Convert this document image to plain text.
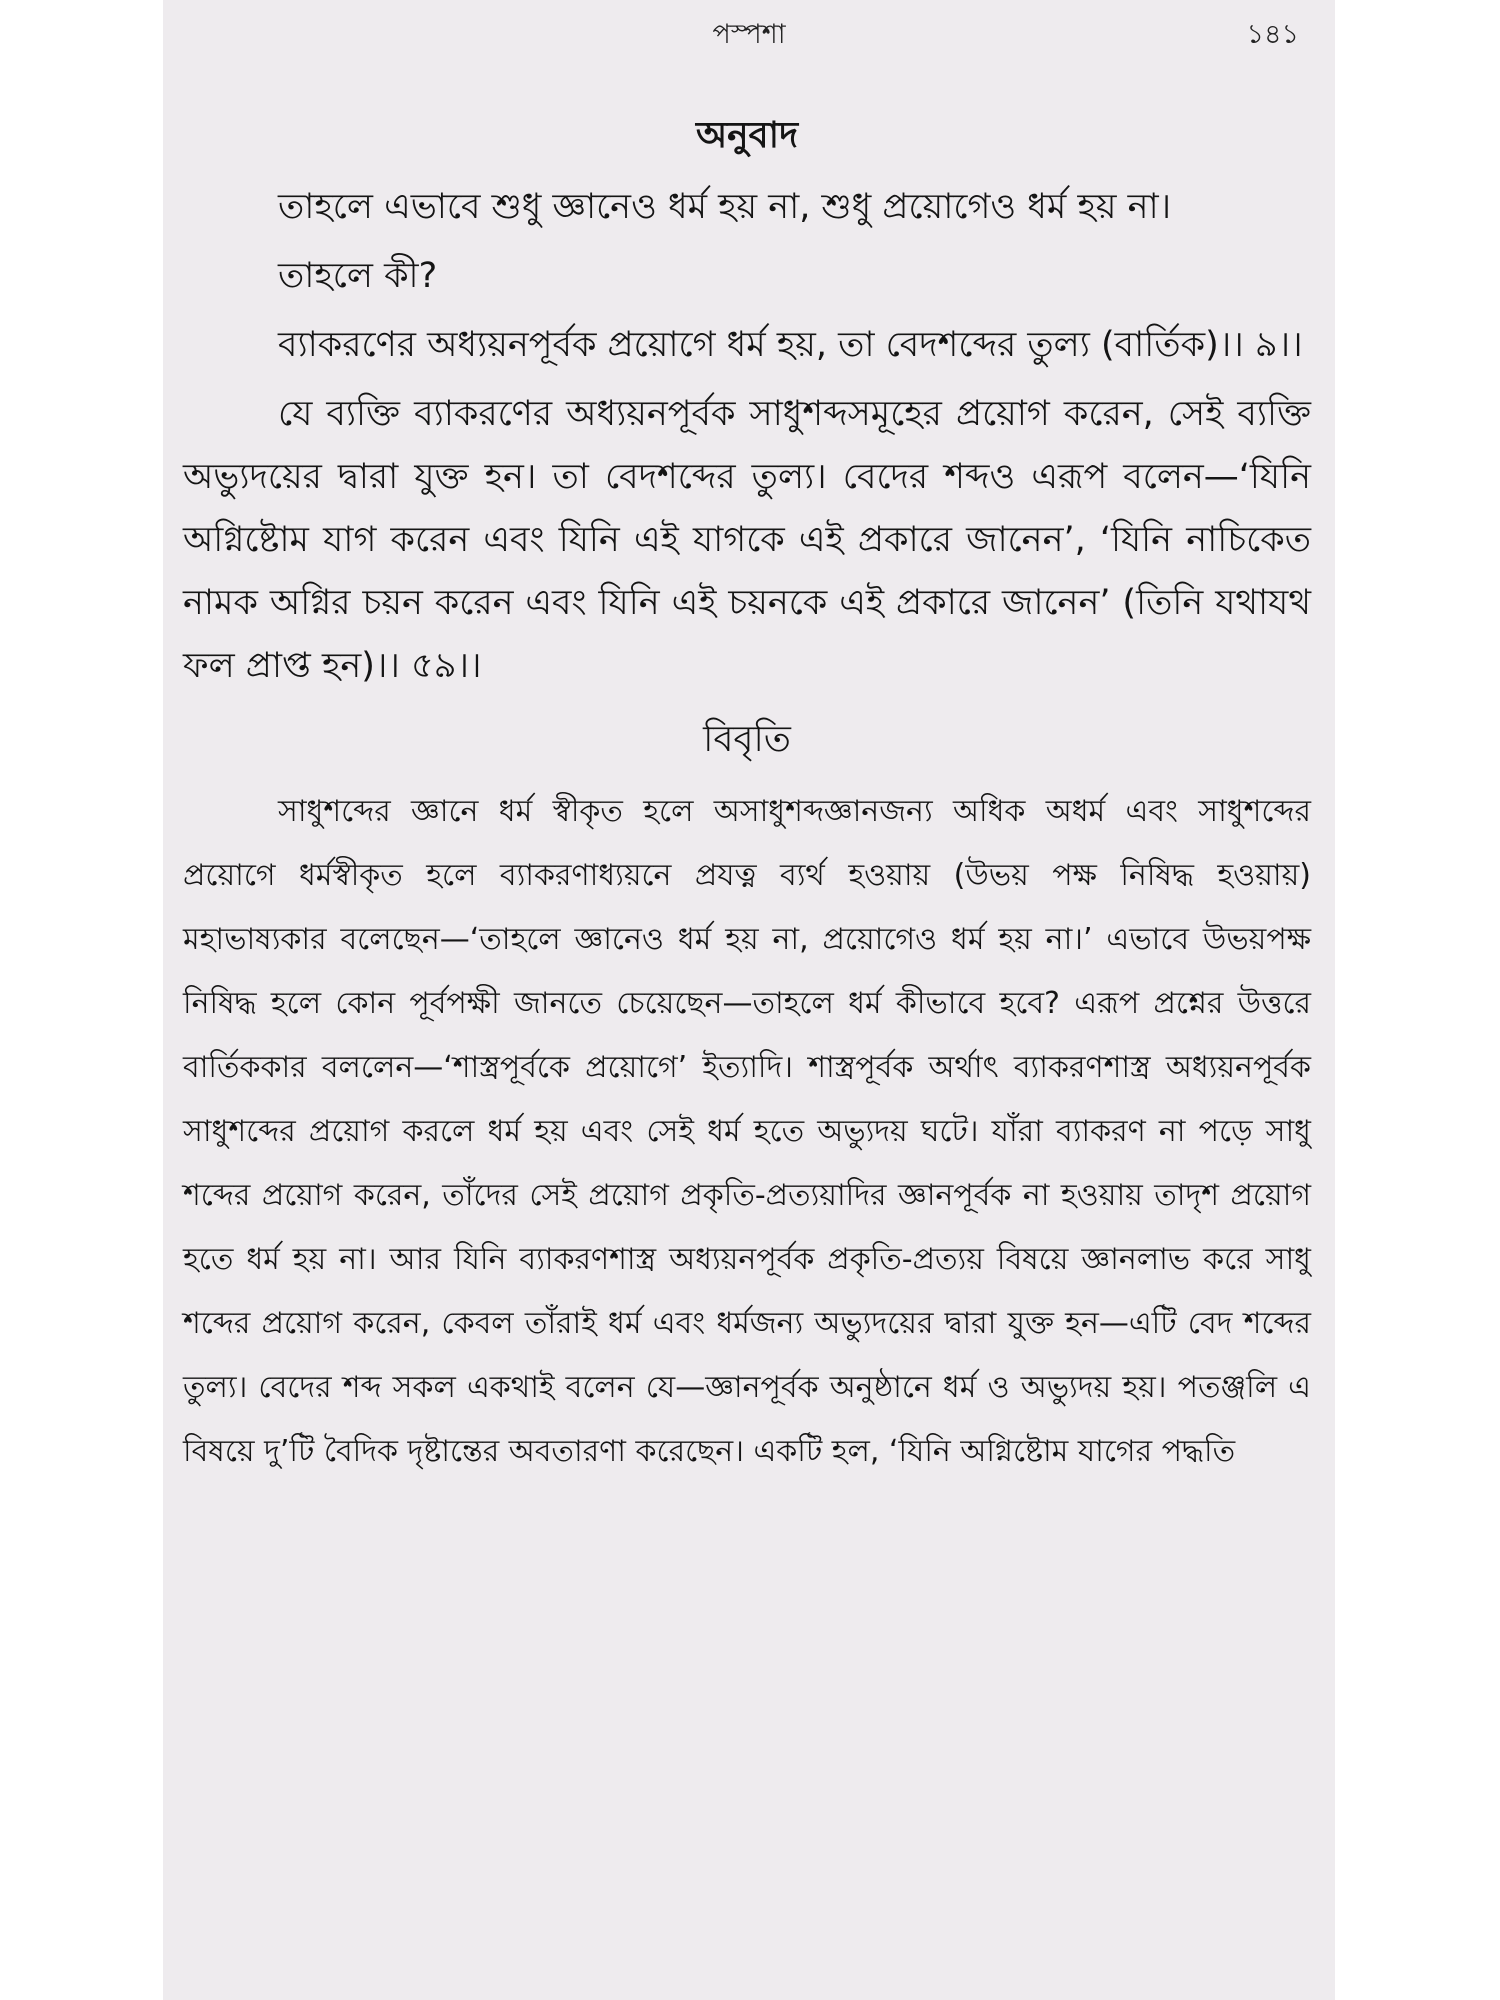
পস্পশা	১৪১
অনুবাদ

তাহলে এভাবে শুধু জ্ঞানেও ধর্ম হয় না, শুধু প্রয়োগেও ধর্ম হয় না।

তাহলে কী?

ব্যাকরণের অধ্যয়নপূর্বক প্রয়োগে ধর্ম হয়, তা বেদশব্দের তুল্য (বার্তিক)।। ৯।।

যে ব্যক্তি ব্যাকরণের অধ্যয়নপূর্বক সাধুশব্দসমূহের প্রয়োগ করেন, সেই ব্যক্তি অভ্যুদয়ের দ্বারা যুক্ত হন। তা বেদশব্দের তুল্য। বেদের শব্দও এরূপ বলেন—‘যিনি অগ্নিষ্টোম যাগ করেন এবং যিনি এই যাগকে এই প্রকারে জানেন’, ‘যিনি নাচিকেত নামক অগ্নির চয়ন করেন এবং যিনি এই চয়নকে এই প্রকারে জানেন’ (তিনি যথাযথ ফল প্রাপ্ত হন)।। ৫৯।।

বিবৃতি

সাধুশব্দের জ্ঞানে ধর্ম স্বীকৃত হলে অসাধুশব্দজ্ঞানজন্য অধিক অধর্ম এবং সাধুশব্দের প্রয়োগে ধর্মস্বীকৃত হলে ব্যাকরণাধ্যয়নে প্রযত্ন ব্যর্থ হওয়ায় (উভয় পক্ষ নিষিদ্ধ হওয়ায়) মহাভাষ্যকার বলেছেন—‘তাহলে জ্ঞানেও ধর্ম হয় না, প্রয়োগেও ধর্ম হয় না।’ এভাবে উভয়পক্ষ নিষিদ্ধ হলে কোন পূর্বপক্ষী জানতে চেয়েছেন—তাহলে ধর্ম কীভাবে হবে? এরূপ প্রশ্নের উত্তরে বার্তিককার বললেন—‘শাস্ত্রপূর্বকে প্রয়োগে’ ইত্যাদি। শাস্ত্রপূর্বক অর্থাৎ ব্যাকরণশাস্ত্র অধ্যয়নপূর্বক সাধুশব্দের প্রয়োগ করলে ধর্ম হয় এবং সেই ধর্ম হতে অভ্যুদয় ঘটে। যাঁরা ব্যাকরণ না পড়ে সাধু শব্দের প্রয়োগ করেন, তাঁদের সেই প্রয়োগ প্রকৃতি-প্রত্যয়াদির জ্ঞানপূর্বক না হওয়ায় তাদৃশ প্রয়োগ হতে ধর্ম হয় না। আর যিনি ব্যাকরণশাস্ত্র অধ্যয়নপূর্বক প্রকৃতি-প্রত্যয় বিষয়ে জ্ঞানলাভ করে সাধু শব্দের প্রয়োগ করেন, কেবল তাঁরাই ধর্ম এবং ধর্মজন্য অভ্যুদয়ের দ্বারা যুক্ত হন—এটি বেদ শব্দের তুল্য। বেদের শব্দ সকল একথাই বলেন যে—জ্ঞানপূর্বক অনুষ্ঠানে ধর্ম ও অভ্যুদয় হয়। পতঞ্জলি এ বিষয়ে দু’টি বৈদিক দৃষ্টান্তের অবতারণা করেছেন। একটি হল, ‘যিনি অগ্নিষ্টোম যাগের পদ্ধতি
